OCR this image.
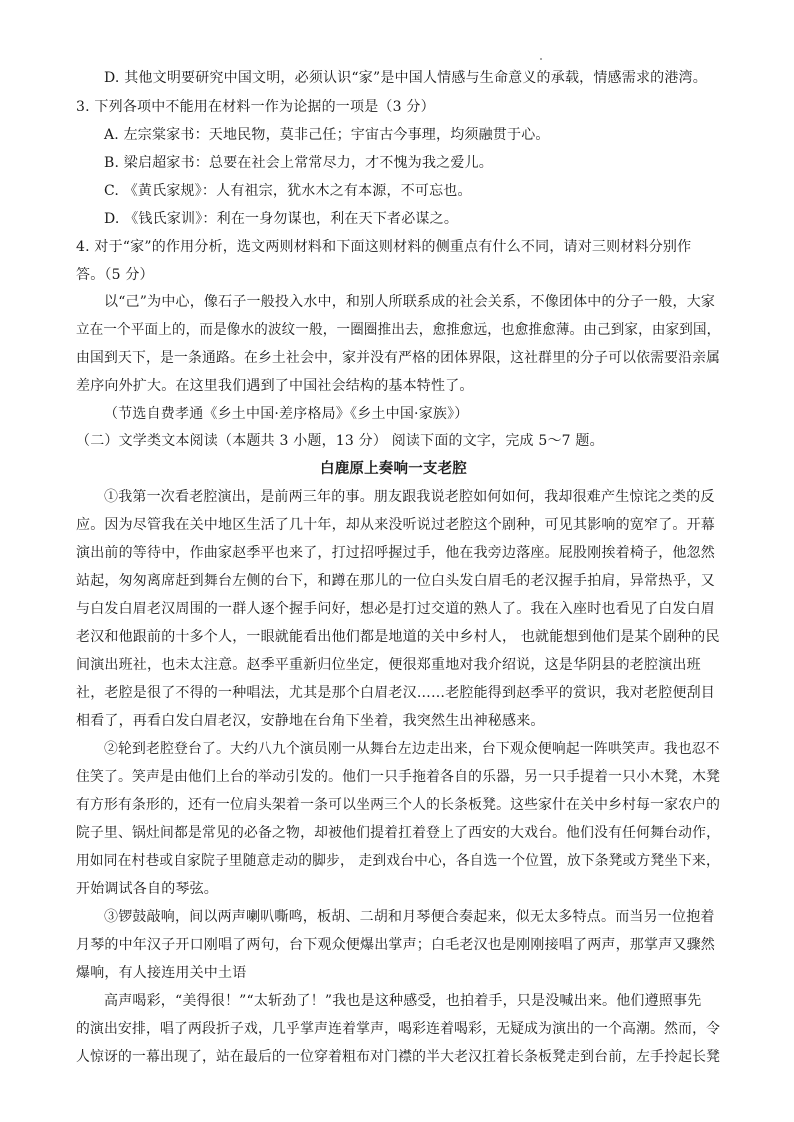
D. 其他文明要研究中国文明，必须认识“家”是中国人情感与生命意义的承载，情感需求的港湾。
3. 下列各项中不能用在材料一作为论据的一项是（3 分）
A. 左宗棠家书：天地民物，莫非己任；宇宙古今事理，均须融贯于心。
B. 梁启超家书：总要在社会上常常尽力，才不愧为我之爱儿。
C. 《黄氏家规》：人有祖宗，犹水木之有本源，不可忘也。
D. 《钱氏家训》：利在一身勿谋也，利在天下者必谋之。
4. 对于“家”的作用分析，选文两则材料和下面这则材料的侧重点有什么不同，请对三则材料分别作
答。（5 分）
以“己”为中心，像石子一般投入水中，和别人所联系成的社会关系，不像团体中的分子一般，大家
立在一个平面上的，而是像水的波纹一般，一圈圈推出去，愈推愈远，也愈推愈薄。由己到家，由家到国，
由国到天下，是一条通路。在乡土社会中，家并没有严格的团体界限，这社群里的分子可以依需要沿亲属
差序向外扩大。在这里我们遇到了中国社会结构的基本特性了。
（节选自费孝通《乡土中国·差序格局》《乡土中国·家族》）
（二）文学类文本阅读（本题共 3 小题，13 分） 阅读下面的文字，完成 5～7 题。
白鹿原上奏响一支老腔
①我第一次看老腔演出，是前两三年的事。朋友跟我说老腔如何如何，我却很难产生惊诧之类的反
应。因为尽管我在关中地区生活了几十年，却从来没听说过老腔这个剧种，可见其影响的宽窄了。开幕
演出前的等待中，作曲家赵季平也来了，打过招呼握过手，他在我旁边落座。屁股刚挨着椅子，他忽然
站起，匆匆离席赶到舞台左侧的台下，和蹲在那儿的一位白头发白眉毛的老汉握手拍肩，异常热乎，又
与白发白眉老汉周围的一群人逐个握手问好，想必是打过交道的熟人了。我在入座时也看见了白发白眉
老汉和他跟前的十多个人，一眼就能看出他们都是地道的关中乡村人， 也就能想到他们是某个剧种的民
间演出班社，也未太注意。赵季平重新归位坐定，便很郑重地对我介绍说，这是华阴县的老腔演出班
社，老腔是很了不得的一种唱法，尤其是那个白眉老汉……老腔能得到赵季平的赏识，我对老腔便刮目
相看了，再看白发白眉老汉，安静地在台角下坐着，我突然生出神秘感来。
②轮到老腔登台了。大约八九个演员刚一从舞台左边走出来，台下观众便响起一阵哄笑声。我也忍不
住笑了。笑声是由他们上台的举动引发的。他们一只手拖着各自的乐器，另一只手提着一只小木凳，木凳
有方形有条形的，还有一位肩头架着一条可以坐两三个人的长条板凳。这些家什在关中乡村每一家农户的
院子里、锅灶间都是常见的必备之物，却被他们提着扛着登上了西安的大戏台。他们没有任何舞台动作，
用如同在村巷或自家院子里随意走动的脚步， 走到戏台中心，各自选一个位置，放下条凳或方凳坐下来，
开始调试各自的琴弦。
③锣鼓敲响，间以两声喇叭嘶鸣，板胡、二胡和月琴便合奏起来，似无太多特点。而当另一位抱着
月琴的中年汉子开口刚唱了两句，台下观众便爆出掌声；白毛老汉也是刚刚接唱了两声，那掌声又骤然
爆响，有人接连用关中土语
高声喝彩，“美得很！”“太斩劲了！”我也是这种感受，也拍着手，只是没喊出来。他们遵照事先
的演出安排，唱了两段折子戏，几乎掌声连着掌声，喝彩连着喝彩，无疑成为演出的一个高潮。然而，令
人惊讶的一幕出现了，站在最后的一位穿着粗布对门襟的半大老汉扛着长条板凳走到台前，左手拎起长凳
